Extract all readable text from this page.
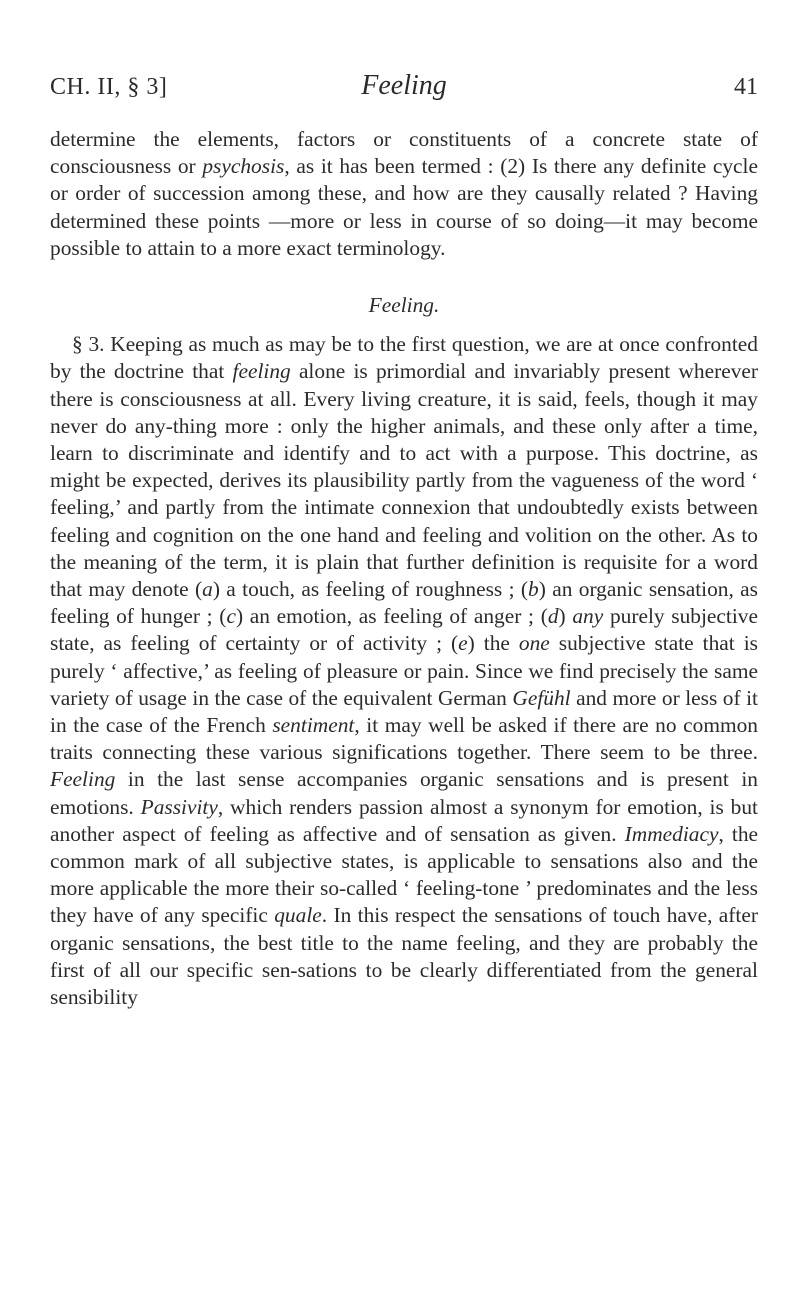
CH. II, § 3]	Feeling	41

determine the elements, factors or constituents of a concrete state of consciousness or psychosis, as it has been termed : (2) Is there any definite cycle or order of succession among these, and how are they causally related ? Having determined these points —more or less in course of so doing—it may become possible to attain to a more exact terminology.

Feeling.

§ 3. Keeping as much as may be to the first question, we are at once confronted by the doctrine that feeling alone is primordial and invariably present wherever there is consciousness at all. Every living creature, it is said, feels, though it may never do any-thing more : only the higher animals, and these only after a time, learn to discriminate and identify and to act with a purpose. This doctrine, as might be expected, derives its plausibility partly from the vagueness of the word ‘ feeling,’ and partly from the intimate connexion that undoubtedly exists between feeling and cognition on the one hand and feeling and volition on the other. As to the meaning of the term, it is plain that further definition is requisite for a word that may denote (a) a touch, as feeling of roughness ; (b) an organic sensation, as feeling of hunger ; (c) an emotion, as feeling of anger ; (d) any purely subjective state, as feeling of certainty or of activity ; (e) the one subjective state that is purely ‘ affective,’ as feeling of pleasure or pain. Since we find precisely the same variety of usage in the case of the equivalent German Gefühl and more or less of it in the case of the French sentiment, it may well be asked if there are no common traits connecting these various significations together. There seem to be three. Feeling in the last sense accompanies organic sensations and is present in emotions. Passivity, which renders passion almost a synonym for emotion, is but another aspect of feeling as affective and of sensation as given. Immediacy, the common mark of all subjective states, is applicable to sensations also and the more applicable the more their so-called ‘ feeling-tone ’ predominates and the less they have of any specific quale. In this respect the sensations of touch have, after organic sensations, the best title to the name feeling, and they are probably the first of all our specific sen-sations to be clearly differentiated from the general sensibility
